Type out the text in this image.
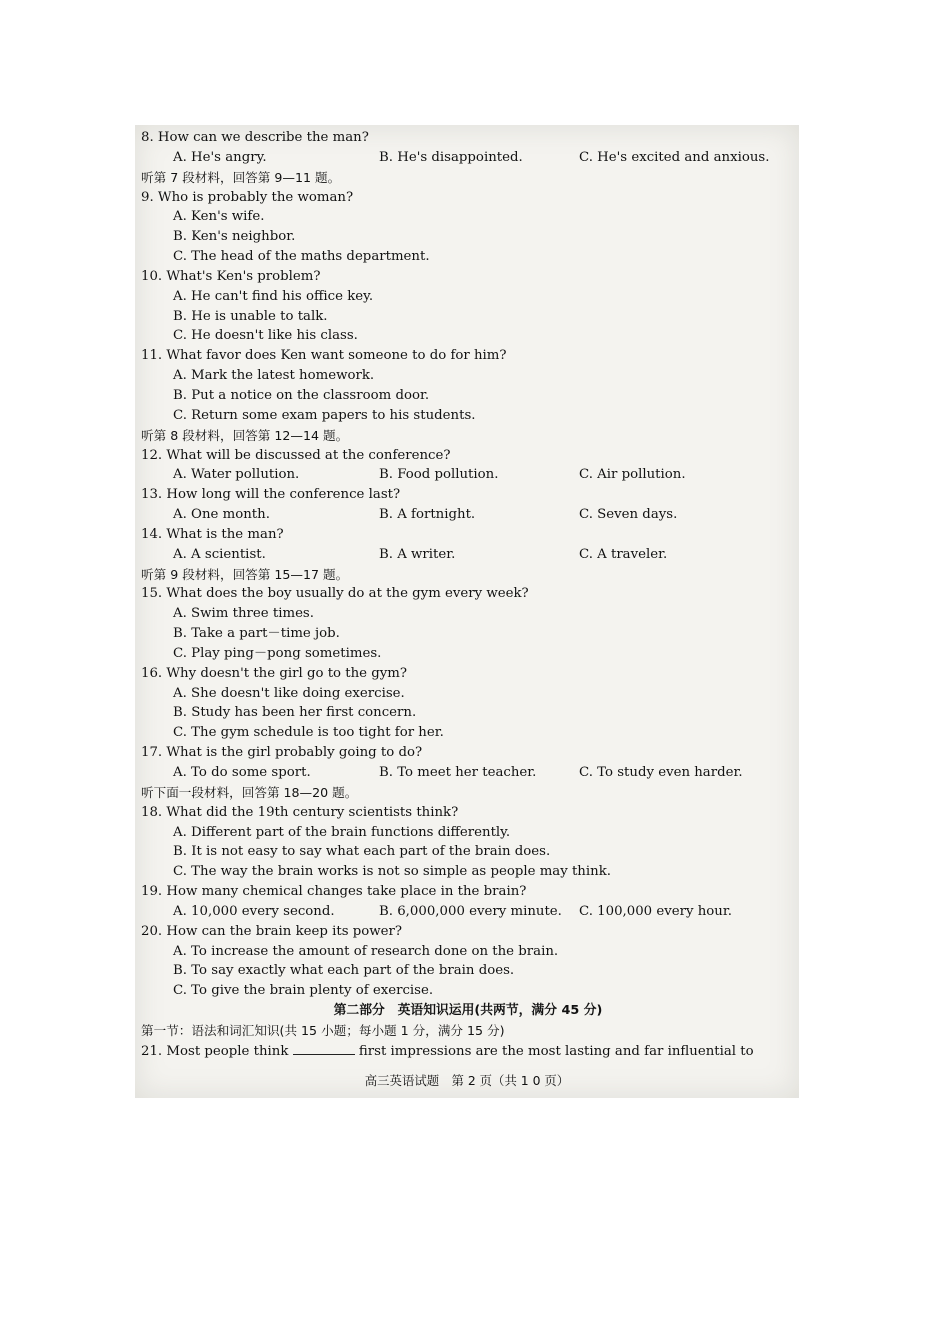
8. How can we describe the man?
A. He's angry.	B. He's disappointed.	C. He's excited and anxious.
听第 7 段材料，回答第 9—11 题。
9. Who is probably the woman?
A. Ken's wife.
B. Ken's neighbor.
C. The head of the maths department.
10. What's Ken's problem?
A. He can't find his office key.
B. He is unable to talk.
C. He doesn't like his class.
11. What favor does Ken want someone to do for him?
A. Mark the latest homework.
B. Put a notice on the classroom door.
C. Return some exam papers to his students.
听第 8 段材料，回答第 12—14 题。
12. What will be discussed at the conference?
A. Water pollution.	B. Food pollution.	C. Air pollution.
13. How long will the conference last?
A. One month.	B. A fortnight.	C. Seven days.
14. What is the man?
A. A scientist.	B. A writer.	C. A traveler.
听第 9 段材料，回答第 15—17 题。
15. What does the boy usually do at the gym every week?
A. Swim three times.
B. Take a part－time job.
C. Play ping－pong sometimes.
16. Why doesn't the girl go to the gym?
A. She doesn't like doing exercise.
B. Study has been her first concern.
C. The gym schedule is too tight for her.
17. What is the girl probably going to do?
A. To do some sport.	B. To meet her teacher.	C. To study even harder.
听下面一段材料，回答第 18—20 题。
18. What did the 19th century scientists think?
A. Different part of the brain functions differently.
B. It is not easy to say what each part of the brain does.
C. The way the brain works is not so simple as people may think.
19. How many chemical changes take place in the brain?
A. 10,000 every second.	B. 6,000,000 every minute. C. 100,000 every hour.
20. How can the brain keep its power?
A. To increase the amount of research done on the brain.
B. To say exactly what each part of the brain does.
C. To give the brain plenty of exercise.
第二部分　英语知识运用(共两节，满分 45 分)
第一节：语法和词汇知识(共 15 小题；每小题 1 分，满分 15 分)
21. Most people think	first impressions are the most lasting and far influential to
高三英语试题　第 2 页（共 1 0 页）
